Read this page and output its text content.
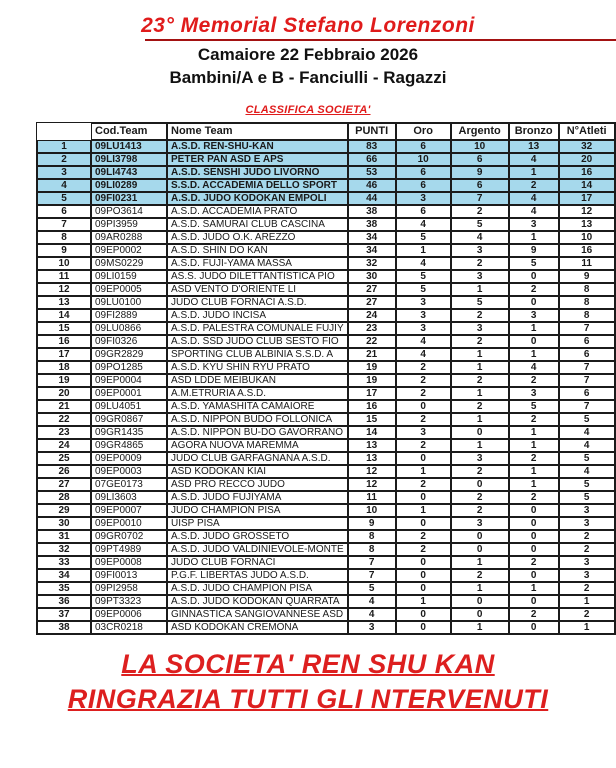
23° Memorial Stefano Lorenzoni
Camaiore 22 Febbraio 2026
Bambini/A e B - Fanciulli - Ragazzi
CLASSIFICA SOCIETA'
	Cod.Team	Nome Team	PUNTI	Oro	Argento	Bronzo	N°Atleti
1	09LU1413	A.S.D. REN-SHU-KAN	83	6	10	13	32
2	09LI3798	PETER PAN ASD E APS	66	10	6	4	20
3	09LI4743	A.S.D. SENSHI JUDO LIVORNO	53	6	9	1	16
4	09LI0289	S.S.D. ACCADEMIA DELLO SPORT	46	6	6	2	14
5	09FI0231	A.S.D. JUDO KODOKAN EMPOLI	44	3	7	4	17
6	09PO3614	A.S.D. ACCADEMIA PRATO	38	6	2	4	12
7	09PI3959	A.S.D. SAMURAI CLUB CASCINA	38	4	5	3	13
8	09AR0288	A.S.D. JUDO O.K. AREZZO	34	5	4	1	10
9	09EP0002	A.S.D. SHIN DO KAN	34	1	3	9	16
10	09MS0229	A.S.D. FUJI-YAMA MASSA	32	4	2	5	11
11	09LI0159	AS.S. JUDO DILETTANTISTICA PIO	30	5	3	0	9
12	09EP0005	ASD VENTO D'ORIENTE LI	27	5	1	2	8
13	09LU0100	JUDO CLUB FORNACI A.S.D.	27	3	5	0	8
14	09FI2889	A.S.D. JUDO INCISA	24	3	2	3	8
15	09LU0866	A.S.D. PALESTRA COMUNALE FUJIY	23	3	3	1	7
16	09FI0326	A.S.D. SSD JUDO CLUB SESTO FIO	22	4	2	0	6
17	09GR2829	SPORTING CLUB ALBINIA S.S.D. A	21	4	1	1	6
18	09PO1285	A.S.D. KYU SHIN RYU PRATO	19	2	1	4	7
19	09EP0004	ASD LDDE MEIBUKAN	19	2	2	2	7
20	09EP0001	A.M.ETRURIA A.S.D.	17	2	1	3	6
21	09LU4051	A.S.D. YAMASHITA CAMAIORE	16	0	2	5	7
22	09GR0867	A.S.D. NIPPON BUDO FOLLONICA	15	2	1	2	5
23	09GR1435	A.S.D. NIPPON BU-DO GAVORRANO	14	3	0	1	4
24	09GR4865	AGORA NUOVA MAREMMA	13	2	1	1	4
25	09EP0009	JUDO CLUB GARFAGNANA A.S.D.	13	0	3	2	5
26	09EP0003	ASD KODOKAN KIAI	12	1	2	1	4
27	07GE0173	ASD PRO RECCO JUDO	12	2	0	1	5
28	09LI3603	A.S.D. JUDO FUJIYAMA	11	0	2	2	5
29	09EP0007	JUDO CHAMPION PISA	10	1	2	0	3
30	09EP0010	UISP PISA	9	0	3	0	3
31	09GR0702	A.S.D. JUDO GROSSETO	8	2	0	0	2
32	09PT4989	A.S.D. JUDO VALDINIEVOLE-MONTE	8	2	0	0	2
33	09EP0008	JUDO CLUB FORNACI	7	0	1	2	3
34	09FI0013	P.G.F. LIBERTAS JUDO A.S.D.	7	0	2	0	3
35	09PI2958	A.S.D. JUDO CHAMPION PISA	5	0	1	1	2
36	09PT3323	A.S.D. JUDO KODOKAN QUARRATA	4	1	0	0	1
37	09EP0006	GINNASTICA SANGIOVANNESE ASD	4	0	0	2	2
38	03CR0218	ASD KODOKAN CREMONA	3	0	1	0	1
LA SOCIETA' REN SHU KAN
RINGRAZIA TUTTI GLI NTERVENUTI
